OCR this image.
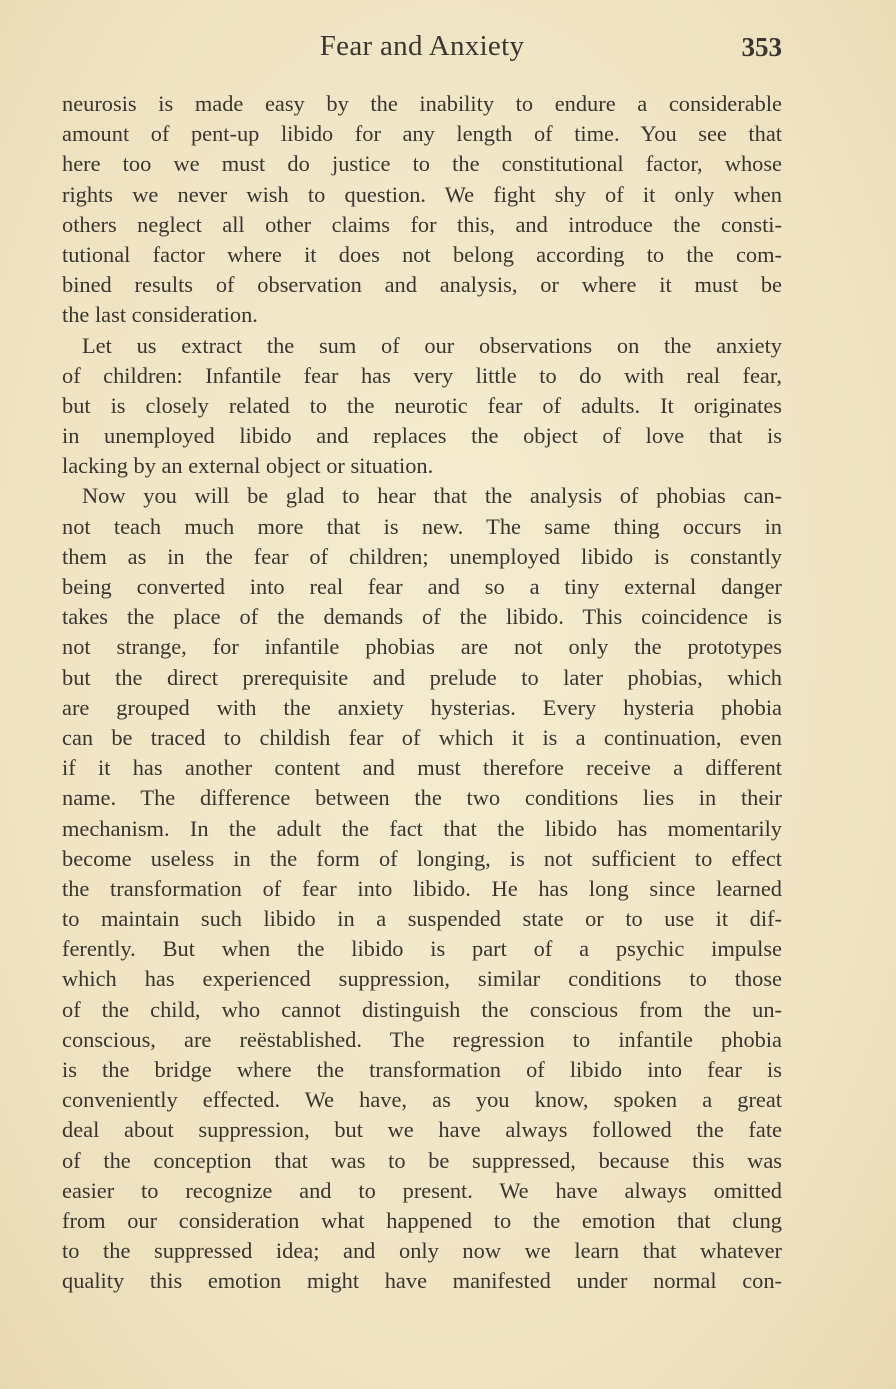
Fear and Anxiety	353
neurosis is made easy by the inability to endure a considerable
amount of pent-up libido for any length of time. You see that
here too we must do justice to the constitutional factor, whose
rights we never wish to question. We fight shy of it only when
others neglect all other claims for this, and introduce the consti-
tutional factor where it does not belong according to the com-
bined results of observation and analysis, or where it must be
the last consideration.
Let us extract the sum of our observations on the anxiety
of children: Infantile fear has very little to do with real fear,
but is closely related to the neurotic fear of adults. It originates
in unemployed libido and replaces the object of love that is
lacking by an external object or situation.
Now you will be glad to hear that the analysis of phobias can-
not teach much more that is new. The same thing occurs in
them as in the fear of children; unemployed libido is constantly
being converted into real fear and so a tiny external danger
takes the place of the demands of the libido. This coincidence is
not strange, for infantile phobias are not only the prototypes
but the direct prerequisite and prelude to later phobias, which
are grouped with the anxiety hysterias. Every hysteria phobia
can be traced to childish fear of which it is a continuation, even
if it has another content and must therefore receive a different
name. The difference between the two conditions lies in their
mechanism. In the adult the fact that the libido has momentarily
become useless in the form of longing, is not sufficient to effect
the transformation of fear into libido. He has long since learned
to maintain such libido in a suspended state or to use it dif-
ferently. But when the libido is part of a psychic impulse
which has experienced suppression, similar conditions to those
of the child, who cannot distinguish the conscious from the un-
conscious, are reëstablished. The regression to infantile phobia
is the bridge where the transformation of libido into fear is
conveniently effected. We have, as you know, spoken a great
deal about suppression, but we have always followed the fate
of the conception that was to be suppressed, because this was
easier to recognize and to present. We have always omitted
from our consideration what happened to the emotion that clung
to the suppressed idea; and only now we learn that whatever
quality this emotion might have manifested under normal con-
